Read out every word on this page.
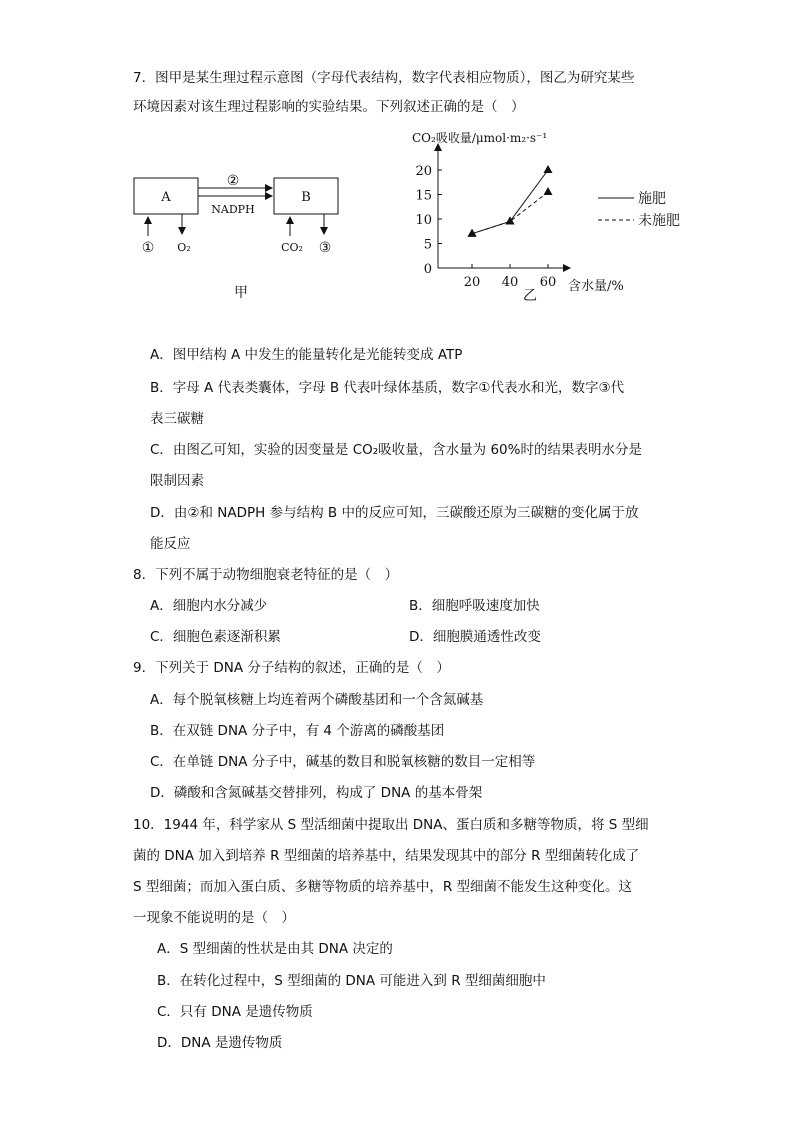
7．图甲是某生理过程示意图（字母代表结构，数字代表相应物质），图乙为研究某些
环境因素对该生理过程影响的实验结果。下列叙述正确的是（　）
A	B
②
NADPH
① O₂	CO₂ ③
甲
CO₂吸收量/μmol·m₂·s⁻¹
含水量/%
乙
0
5
10
15
20
20 40 60
施肥
未施肥
A．图甲结构 A 中发生的能量转化是光能转变成 ATP
B．字母 A 代表类囊体，字母 B 代表叶绿体基质，数字①代表水和光，数字③代
表三碳糖
C．由图乙可知，实验的因变量是 CO₂吸收量，含水量为 60%时的结果表明水分是
限制因素
D．由②和 NADPH 参与结构 B 中的反应可知，三碳酸还原为三碳糖的变化属于放
能反应
8．下列不属于动物细胞衰老特征的是（　）
A．细胞内水分减少	B．细胞呼吸速度加快
C．细胞色素逐渐积累	D．细胞膜通透性改变
9．下列关于 DNA 分子结构的叙述，正确的是（　）
A．每个脱氧核糖上均连着两个磷酸基团和一个含氮碱基
B．在双链 DNA 分子中，有 4 个游离的磷酸基团
C．在单链 DNA 分子中，碱基的数目和脱氧核糖的数目一定相等
D．磷酸和含氮碱基交替排列，构成了 DNA 的基本骨架
10．1944 年，科学家从 S 型活细菌中提取出 DNA、蛋白质和多糖等物质，将 S 型细
菌的 DNA 加入到培养 R 型细菌的培养基中，结果发现其中的部分 R 型细菌转化成了
S 型细菌；而加入蛋白质、多糖等物质的培养基中，R 型细菌不能发生这种变化。这
一现象不能说明的是（　）
A．S 型细菌的性状是由其 DNA 决定的
B．在转化过程中，S 型细菌的 DNA 可能进入到 R 型细菌细胞中
C．只有 DNA 是遗传物质
D．DNA 是遗传物质
